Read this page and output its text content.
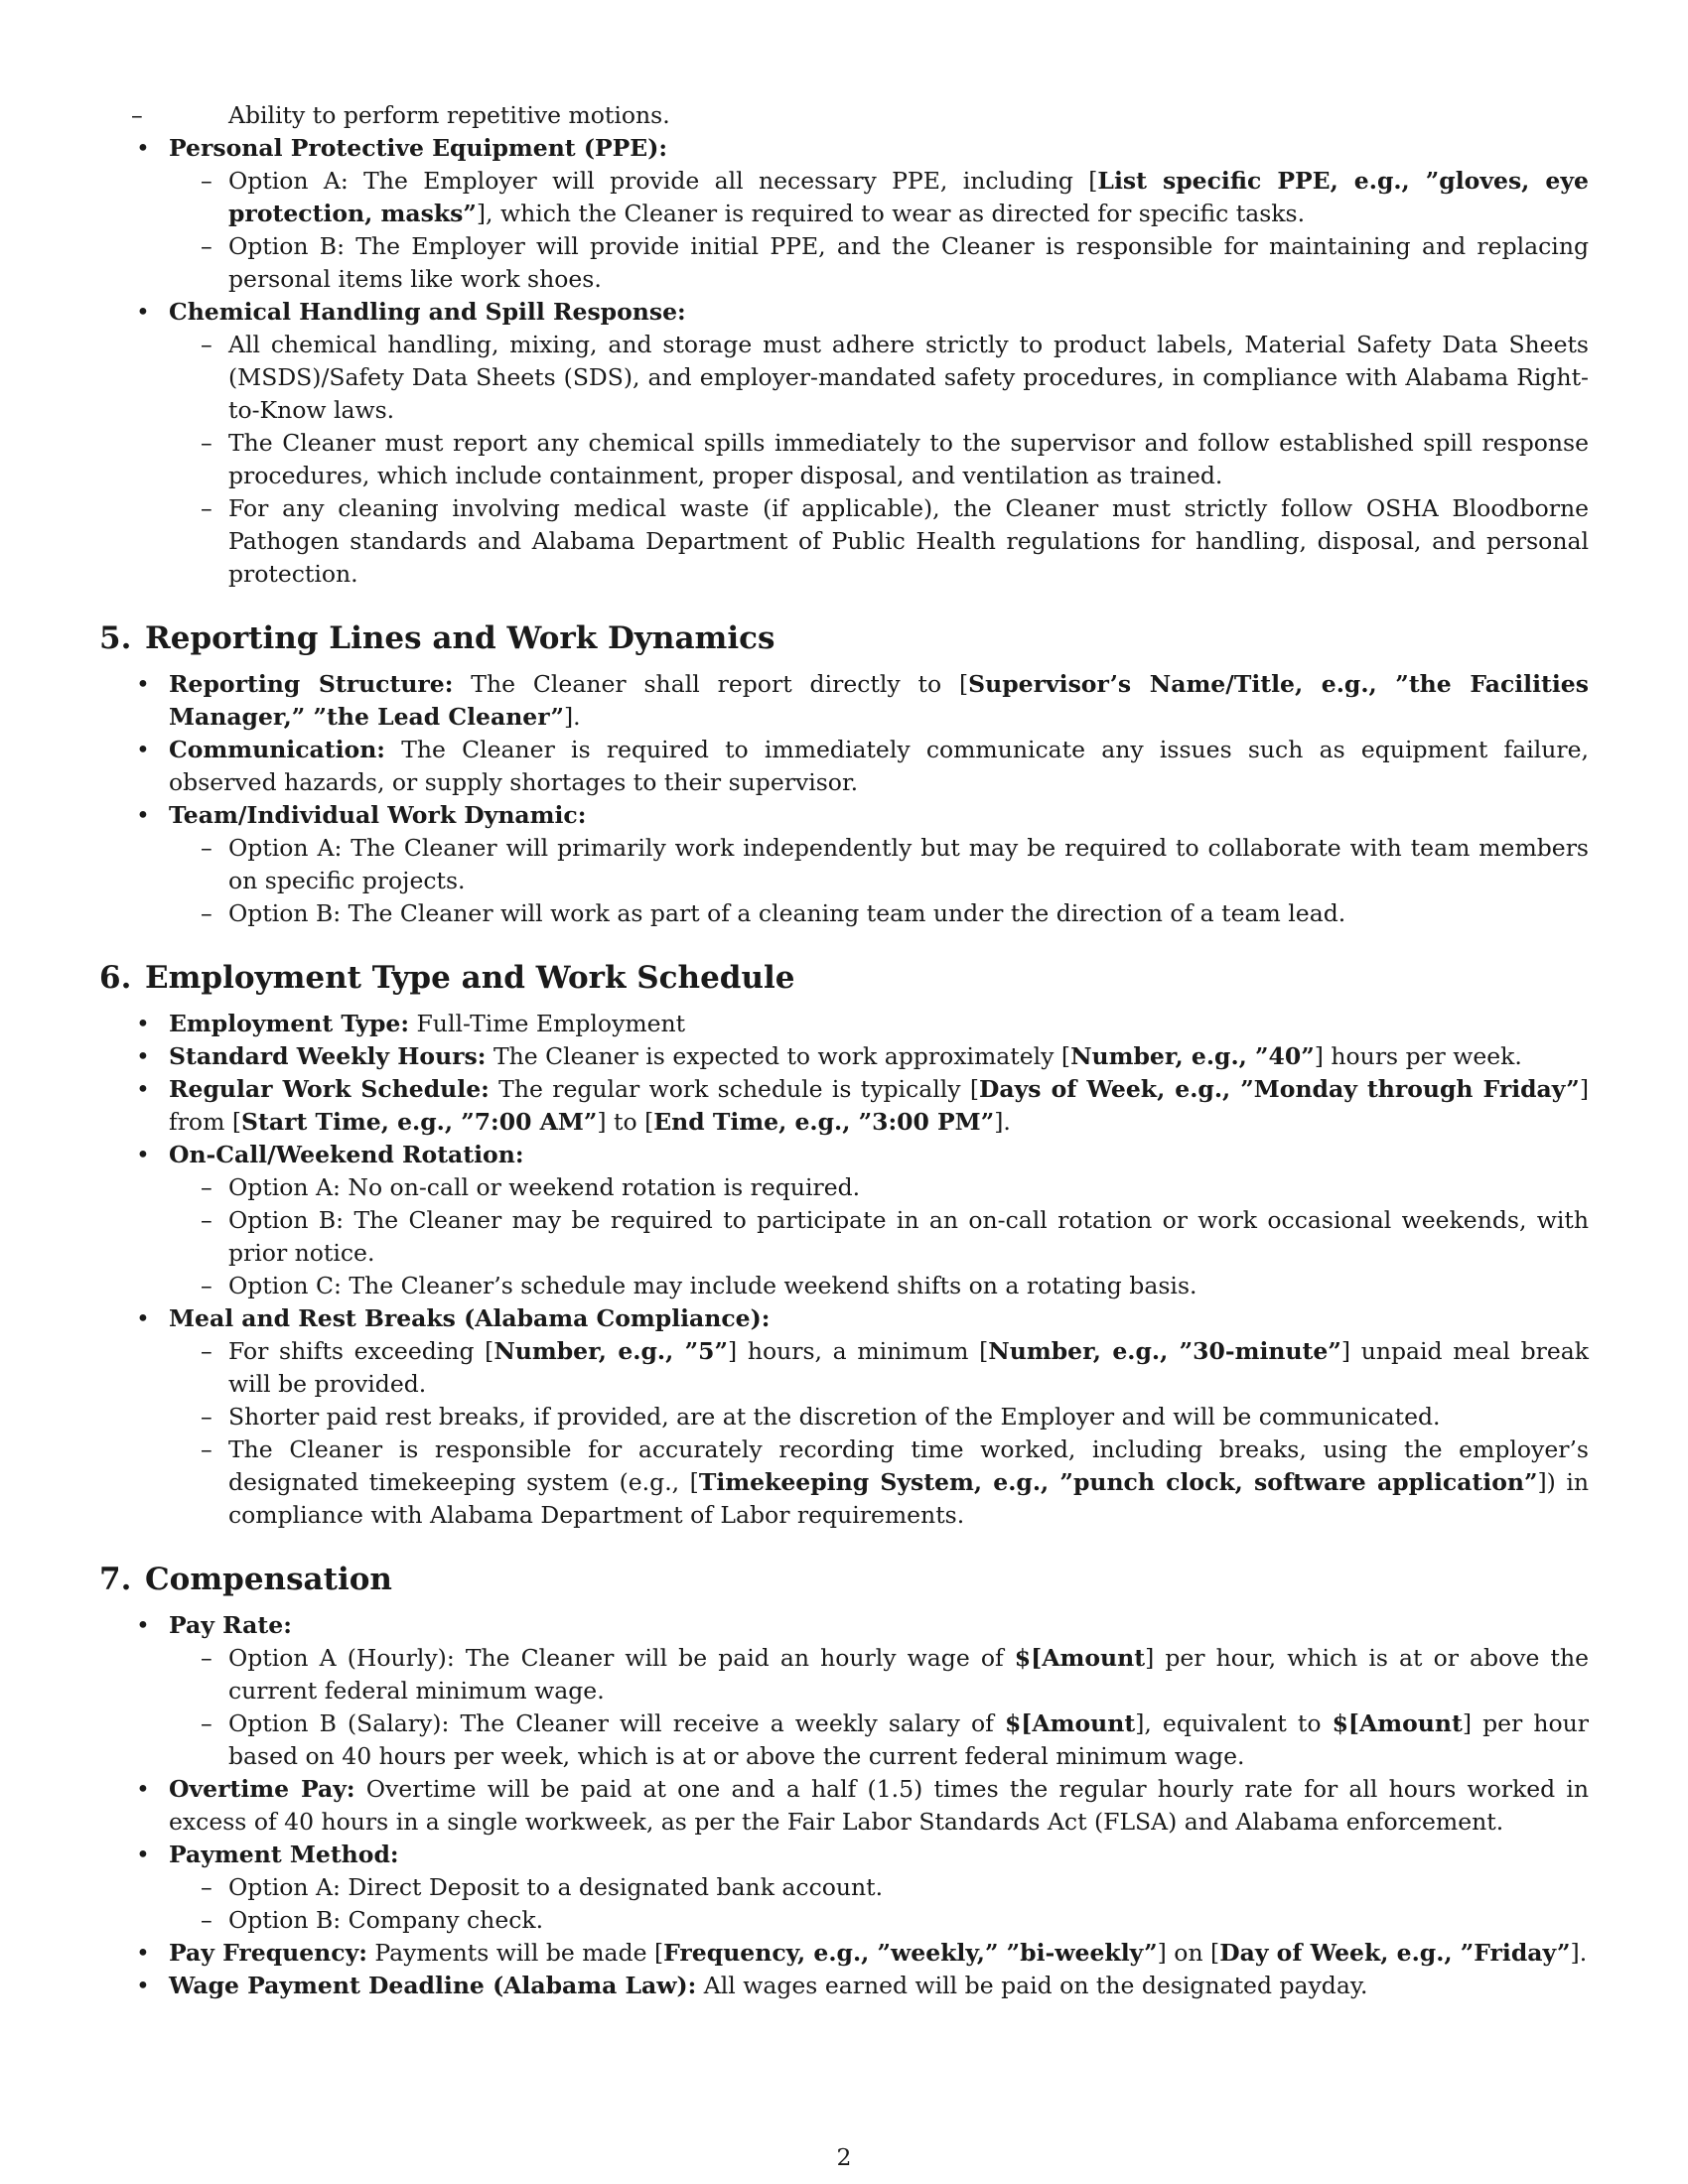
– Ability to perform repetitive motions.
• Personal Protective Equipment (PPE):
– Option A: The Employer will provide all necessary PPE, including [List specific PPE, e.g., ”gloves, eye protection, masks”], which the Cleaner is required to wear as directed for specific tasks.
– Option B: The Employer will provide initial PPE, and the Cleaner is responsible for maintaining and replacing personal items like work shoes.
• Chemical Handling and Spill Response:
– All chemical handling, mixing, and storage must adhere strictly to product labels, Material Safety Data Sheets (MSDS)/Safety Data Sheets (SDS), and employer-mandated safety procedures, in compliance with Alabama Right-to-Know laws.
– The Cleaner must report any chemical spills immediately to the supervisor and follow established spill response procedures, which include containment, proper disposal, and ventilation as trained.
– For any cleaning involving medical waste (if applicable), the Cleaner must strictly follow OSHA Bloodborne Pathogen standards and Alabama Department of Public Health regulations for handling, disposal, and personal protection.
5. Reporting Lines and Work Dynamics
• Reporting Structure: The Cleaner shall report directly to [Supervisor’s Name/Title, e.g., ”the Facilities Manager,” ”the Lead Cleaner”].
• Communication: The Cleaner is required to immediately communicate any issues such as equipment failure, observed hazards, or supply shortages to their supervisor.
• Team/Individual Work Dynamic:
– Option A: The Cleaner will primarily work independently but may be required to collaborate with team members on specific projects.
– Option B: The Cleaner will work as part of a cleaning team under the direction of a team lead.
6. Employment Type and Work Schedule
• Employment Type: Full-Time Employment
• Standard Weekly Hours: The Cleaner is expected to work approximately [Number, e.g., ”40”] hours per week.
• Regular Work Schedule: The regular work schedule is typically [Days of Week, e.g., ”Monday through Friday”] from [Start Time, e.g., ”7:00 AM”] to [End Time, e.g., ”3:00 PM”].
• On-Call/Weekend Rotation:
– Option A: No on-call or weekend rotation is required.
– Option B: The Cleaner may be required to participate in an on-call rotation or work occasional weekends, with prior notice.
– Option C: The Cleaner’s schedule may include weekend shifts on a rotating basis.
• Meal and Rest Breaks (Alabama Compliance):
– For shifts exceeding [Number, e.g., ”5”] hours, a minimum [Number, e.g., ”30-minute”] unpaid meal break will be provided.
– Shorter paid rest breaks, if provided, are at the discretion of the Employer and will be communicated.
– The Cleaner is responsible for accurately recording time worked, including breaks, using the employer’s designated timekeeping system (e.g., [Timekeeping System, e.g., ”punch clock, software application”]) in compliance with Alabama Department of Labor requirements.
7. Compensation
• Pay Rate:
– Option A (Hourly): The Cleaner will be paid an hourly wage of $[Amount] per hour, which is at or above the current federal minimum wage.
– Option B (Salary): The Cleaner will receive a weekly salary of $[Amount], equivalent to $[Amount] per hour based on 40 hours per week, which is at or above the current federal minimum wage.
• Overtime Pay: Overtime will be paid at one and a half (1.5) times the regular hourly rate for all hours worked in excess of 40 hours in a single workweek, as per the Fair Labor Standards Act (FLSA) and Alabama enforcement.
• Payment Method:
– Option A: Direct Deposit to a designated bank account.
– Option B: Company check.
• Pay Frequency: Payments will be made [Frequency, e.g., ”weekly,” ”bi-weekly”] on [Day of Week, e.g., ”Friday”].
• Wage Payment Deadline (Alabama Law): All wages earned will be paid on the designated payday.
2
